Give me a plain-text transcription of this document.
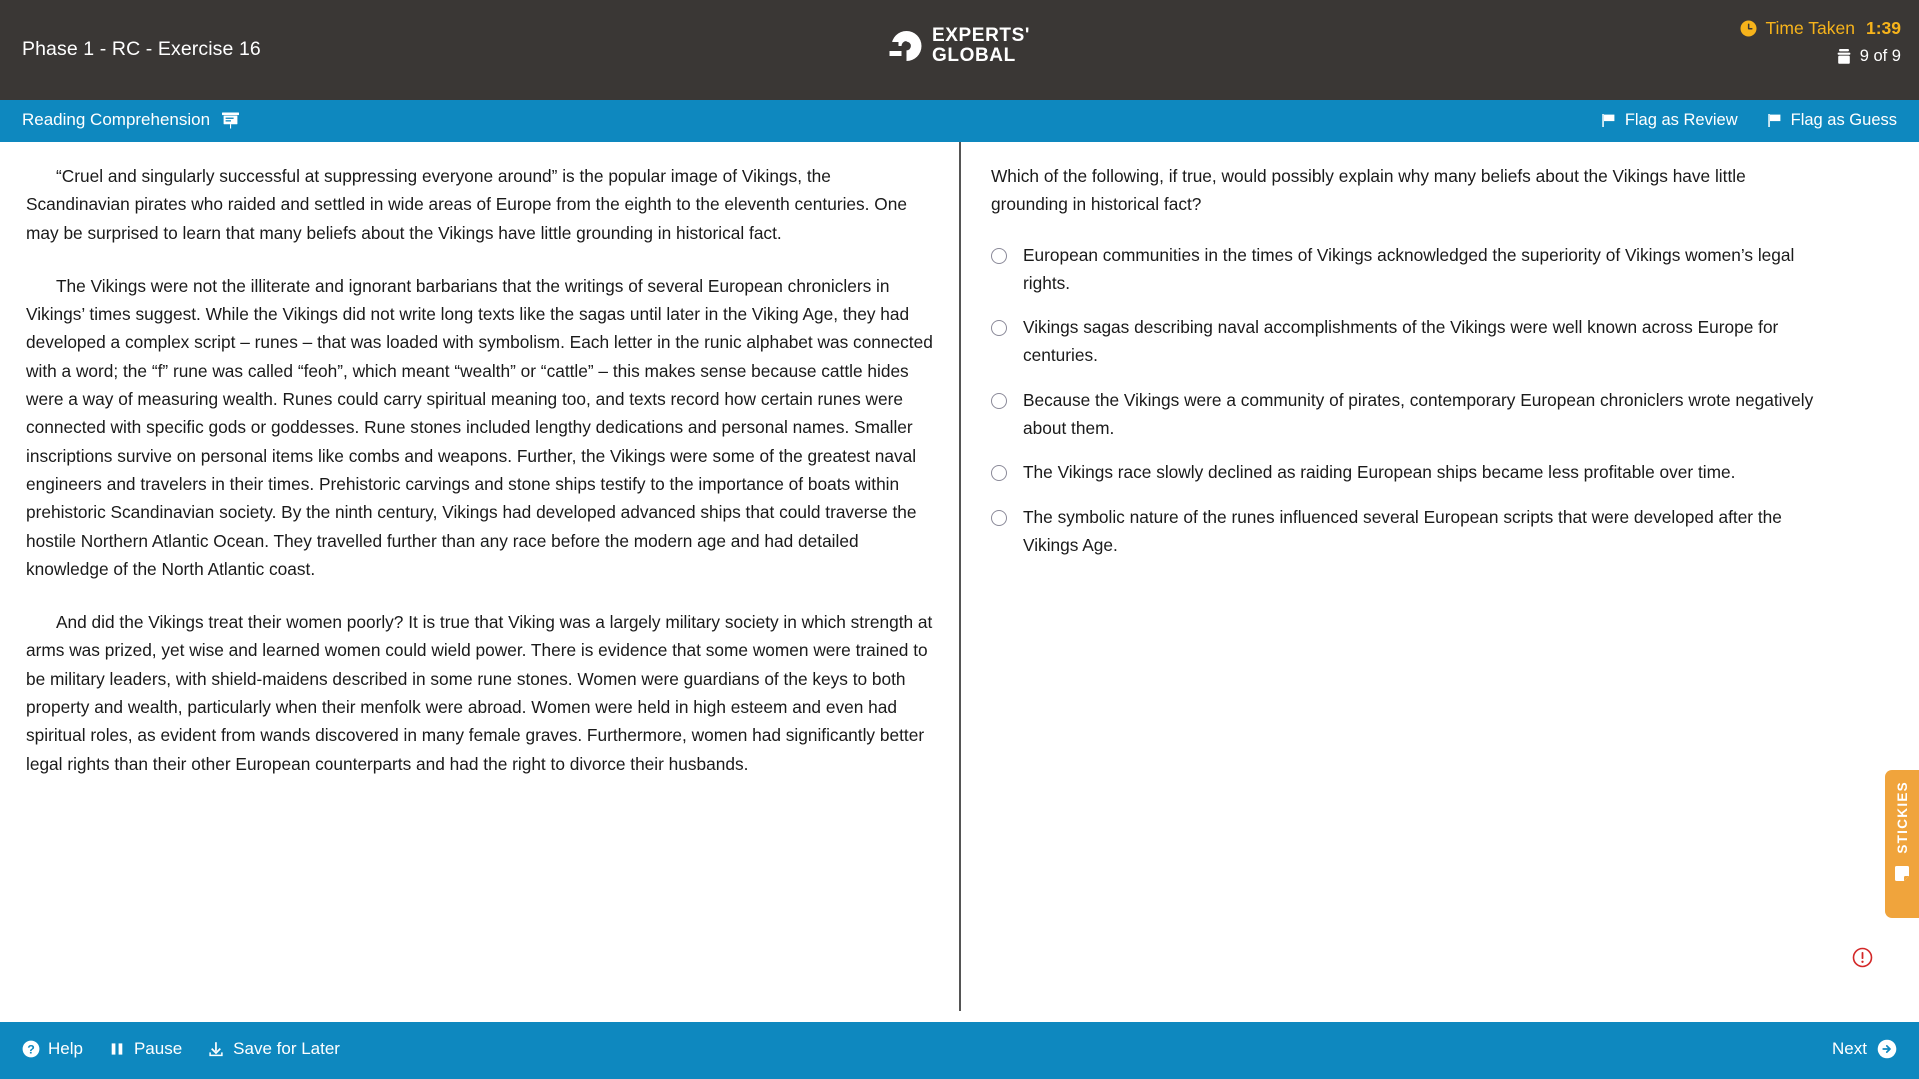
Phase 1 - RC - Exercise 16
EXPERTS'
GLOBAL
Time Taken 1:39
9 of 9
Reading Comprehension	Flag as Review	Flag as Guess

“Cruel and singularly successful at suppressing everyone around” is the popular image of Vikings, the Scandinavian pirates who raided and settled in wide areas of Europe from the eighth to the eleventh centuries. One may be surprised to learn that many beliefs about the Vikings have little grounding in historical fact.

The Vikings were not the illiterate and ignorant barbarians that the writings of several European chroniclers in Vikings’ times suggest. While the Vikings did not write long texts like the sagas until later in the Viking Age, they had developed a complex script – runes – that was loaded with symbolism. Each letter in the runic alphabet was connected with a word; the “f” rune was called “feoh”, which meant “wealth” or “cattle” – this makes sense because cattle hides were a way of measuring wealth. Runes could carry spiritual meaning too, and texts record how certain runes were connected with specific gods or goddesses. Rune stones included lengthy dedications and personal names. Smaller inscriptions survive on personal items like combs and weapons. Further, the Vikings were some of the greatest naval engineers and travelers in their times. Prehistoric carvings and stone ships testify to the importance of boats within prehistoric Scandinavian society. By the ninth century, Vikings had developed advanced ships that could traverse the hostile Northern Atlantic Ocean. They travelled further than any race before the modern age and had detailed knowledge of the North Atlantic coast.

And did the Vikings treat their women poorly? It is true that Viking was a largely military society in which strength at arms was prized, yet wise and learned women could wield power. There is evidence that some women were trained to be military leaders, with shield-maidens described in some rune stones. Women were guardians of the keys to both property and wealth, particularly when their menfolk were abroad. Women were held in high esteem and even had spiritual roles, as evident from wands discovered in many female graves. Furthermore, women had significantly better legal rights than their other European counterparts and had the right to divorce their husbands.

Which of the following, if true, would possibly explain why many beliefs about the Vikings have little grounding in historical fact?
European communities in the times of Vikings acknowledged the superiority of Vikings women’s legal rights.
Vikings sagas describing naval accomplishments of the Vikings were well known across Europe for centuries.
Because the Vikings were a community of pirates, contemporary European chroniclers wrote negatively about them.
The Vikings race slowly declined as raiding European ships became less profitable over time.
The symbolic nature of the runes influenced several European scripts that were developed after the Vikings Age.
STICKIES
? Help	Pause	Save for Later	Next
